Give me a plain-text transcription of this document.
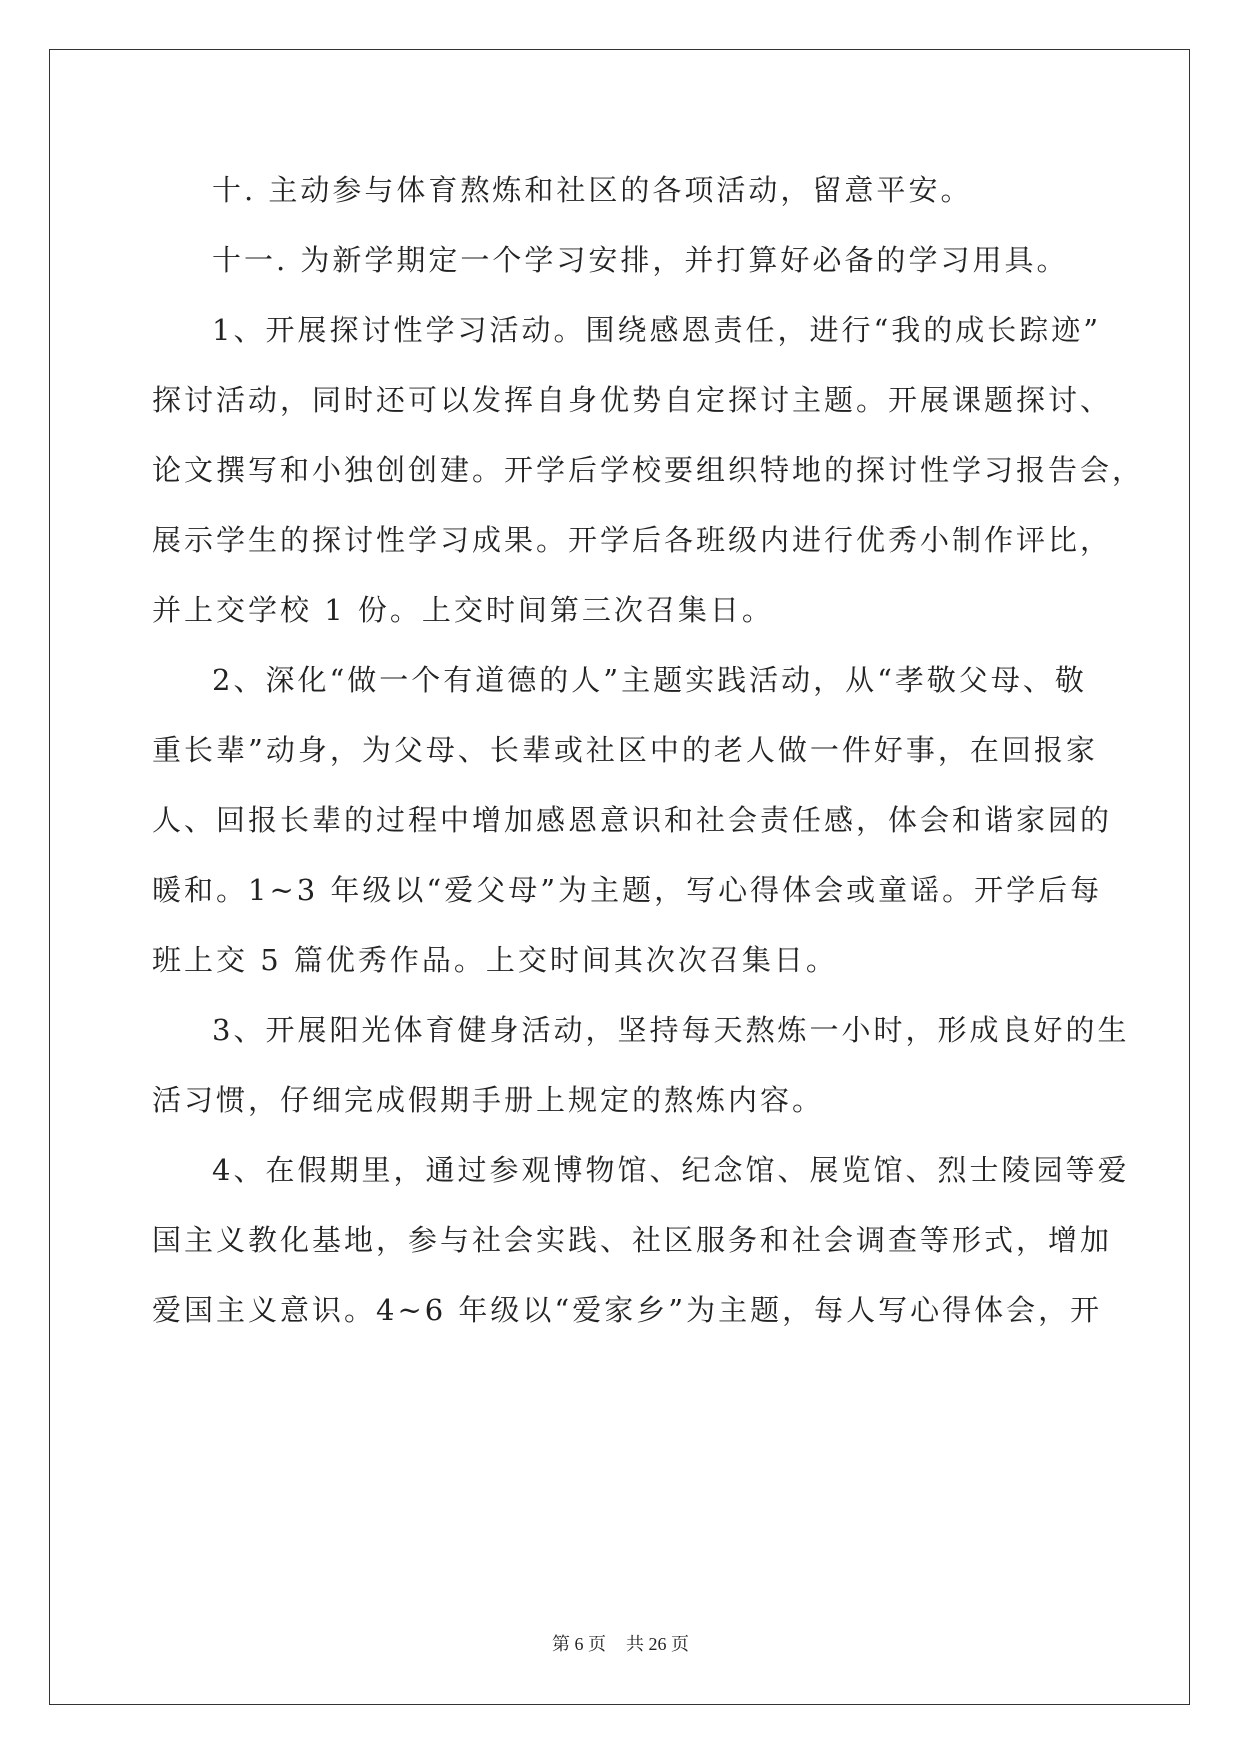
十. 主动参与体育熬炼和社区的各项活动，留意平安。
十一. 为新学期定一个学习安排，并打算好必备的学习用具。
1、开展探讨性学习活动。围绕感恩责任，进行“我的成长踪迹”
探讨活动，同时还可以发挥自身优势自定探讨主题。开展课题探讨、
论文撰写和小独创创建。开学后学校要组织特地的探讨性学习报告会，
展示学生的探讨性学习成果。开学后各班级内进行优秀小制作评比，
并上交学校 1 份。上交时间第三次召集日。
2、深化“做一个有道德的人”主题实践活动，从“孝敬父母、敬
重长辈”动身，为父母、长辈或社区中的老人做一件好事，在回报家
人、回报长辈的过程中增加感恩意识和社会责任感，体会和谐家园的
暖和。1~3 年级以“爱父母”为主题，写心得体会或童谣。开学后每
班上交 5 篇优秀作品。上交时间其次次召集日。
3、开展阳光体育健身活动，坚持每天熬炼一小时，形成良好的生
活习惯，仔细完成假期手册上规定的熬炼内容。
4、在假期里，通过参观博物馆、纪念馆、展览馆、烈士陵园等爱
国主义教化基地，参与社会实践、社区服务和社会调查等形式，增加
爱国主义意识。4~6 年级以“爱家乡”为主题，每人写心得体会，开
第 6 页 共 26 页
